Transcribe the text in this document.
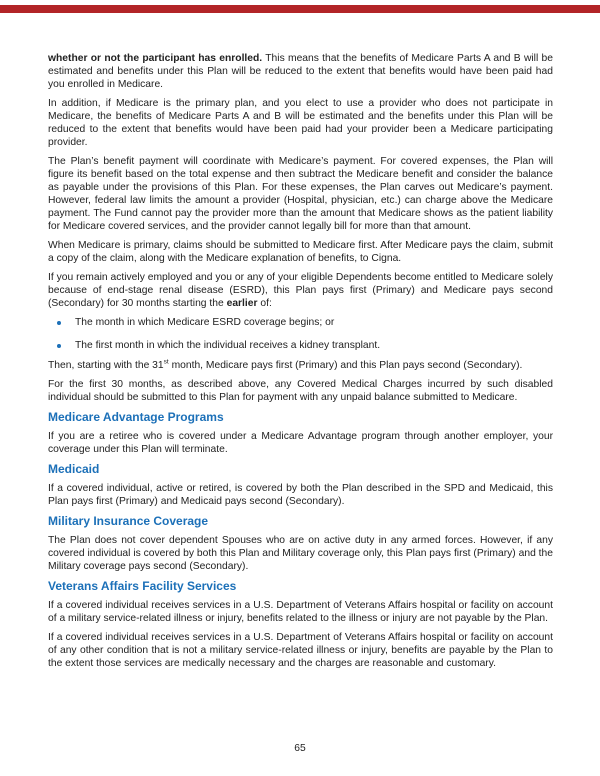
whether or not the participant has enrolled. This means that the benefits of Medicare Parts A and B will be estimated and benefits under this Plan will be reduced to the extent that benefits would have been paid had you enrolled in Medicare.

In addition, if Medicare is the primary plan, and you elect to use a provider who does not participate in Medicare, the benefits of Medicare Parts A and B will be estimated and the benefits under this Plan will be reduced to the extent that benefits would have been paid had your provider been a Medicare participating provider.

The Plan’s benefit payment will coordinate with Medicare’s payment. For covered expenses, the Plan will figure its benefit based on the total expense and then subtract the Medicare benefit and consider the balance as payable under the provisions of this Plan. For these expenses, the Plan carves out Medicare’s payment. However, federal law limits the amount a provider (Hospital, physician, etc.) can charge above the Medicare payment. The Fund cannot pay the provider more than the amount that Medicare shows as the patient liability for Medicare covered services, and the provider cannot legally bill for more than that amount.

When Medicare is primary, claims should be submitted to Medicare first. After Medicare pays the claim, submit a copy of the claim, along with the Medicare explanation of benefits, to Cigna.

If you remain actively employed and you or any of your eligible Dependents become entitled to Medicare solely because of end-stage renal disease (ESRD), this Plan pays first (Primary) and Medicare pays second (Secondary) for 30 months starting the earlier of:

The month in which Medicare ESRD coverage begins; or
The first month in which the individual receives a kidney transplant.

Then, starting with the 31st month, Medicare pays first (Primary) and this Plan pays second (Secondary).

For the first 30 months, as described above, any Covered Medical Charges incurred by such disabled individual should be submitted to this Plan for payment with any unpaid balance submitted to Medicare.

Medicare Advantage Programs

If you are a retiree who is covered under a Medicare Advantage program through another employer, your coverage under this Plan will terminate.

Medicaid

If a covered individual, active or retired, is covered by both the Plan described in the SPD and Medicaid, this Plan pays first (Primary) and Medicaid pays second (Secondary).

Military Insurance Coverage

The Plan does not cover dependent Spouses who are on active duty in any armed forces. However, if any covered individual is covered by both this Plan and Military coverage only, this Plan pays first (Primary) and the Military coverage pays second (Secondary).

Veterans Affairs Facility Services

If a covered individual receives services in a U.S. Department of Veterans Affairs hospital or facility on account of a military service-related illness or injury, benefits related to the illness or injury are not payable by the Plan.

If a covered individual receives services in a U.S. Department of Veterans Affairs hospital or facility on account of any other condition that is not a military service-related illness or injury, benefits are payable by the Plan to the extent those services are medically necessary and the charges are reasonable and customary.

65
